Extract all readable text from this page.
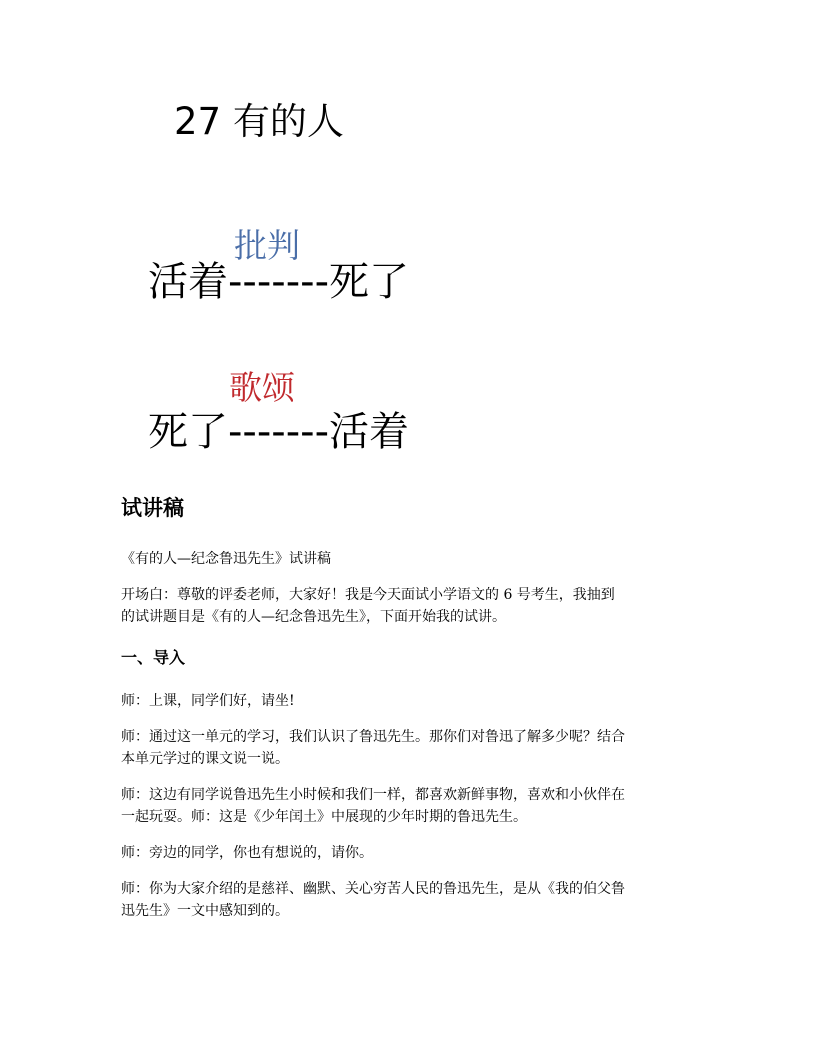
27 有的人
批判
活着-------死了
歌颂
死了-------活着
试讲稿
《有的人—纪念鲁迅先生》试讲稿
开场白：尊敬的评委老师，大家好！我是今天面试小学语文的 6 号考生，我抽到
的试讲题目是《有的人—纪念鲁迅先生》，下面开始我的试讲。
一、导入
师：上课，同学们好，请坐!
师：通过这一单元的学习，我们认识了鲁迅先生。那你们对鲁迅了解多少呢？结合
本单元学过的课文说一说。
师：这边有同学说鲁迅先生小时候和我们一样，都喜欢新鲜事物，喜欢和小伙伴在
一起玩耍。师：这是《少年闰土》中展现的少年时期的鲁迅先生。
师：旁边的同学，你也有想说的，请你。
师：你为大家介绍的是慈祥、幽默、关心穷苦人民的鲁迅先生，是从《我的伯父鲁
迅先生》一文中感知到的。
